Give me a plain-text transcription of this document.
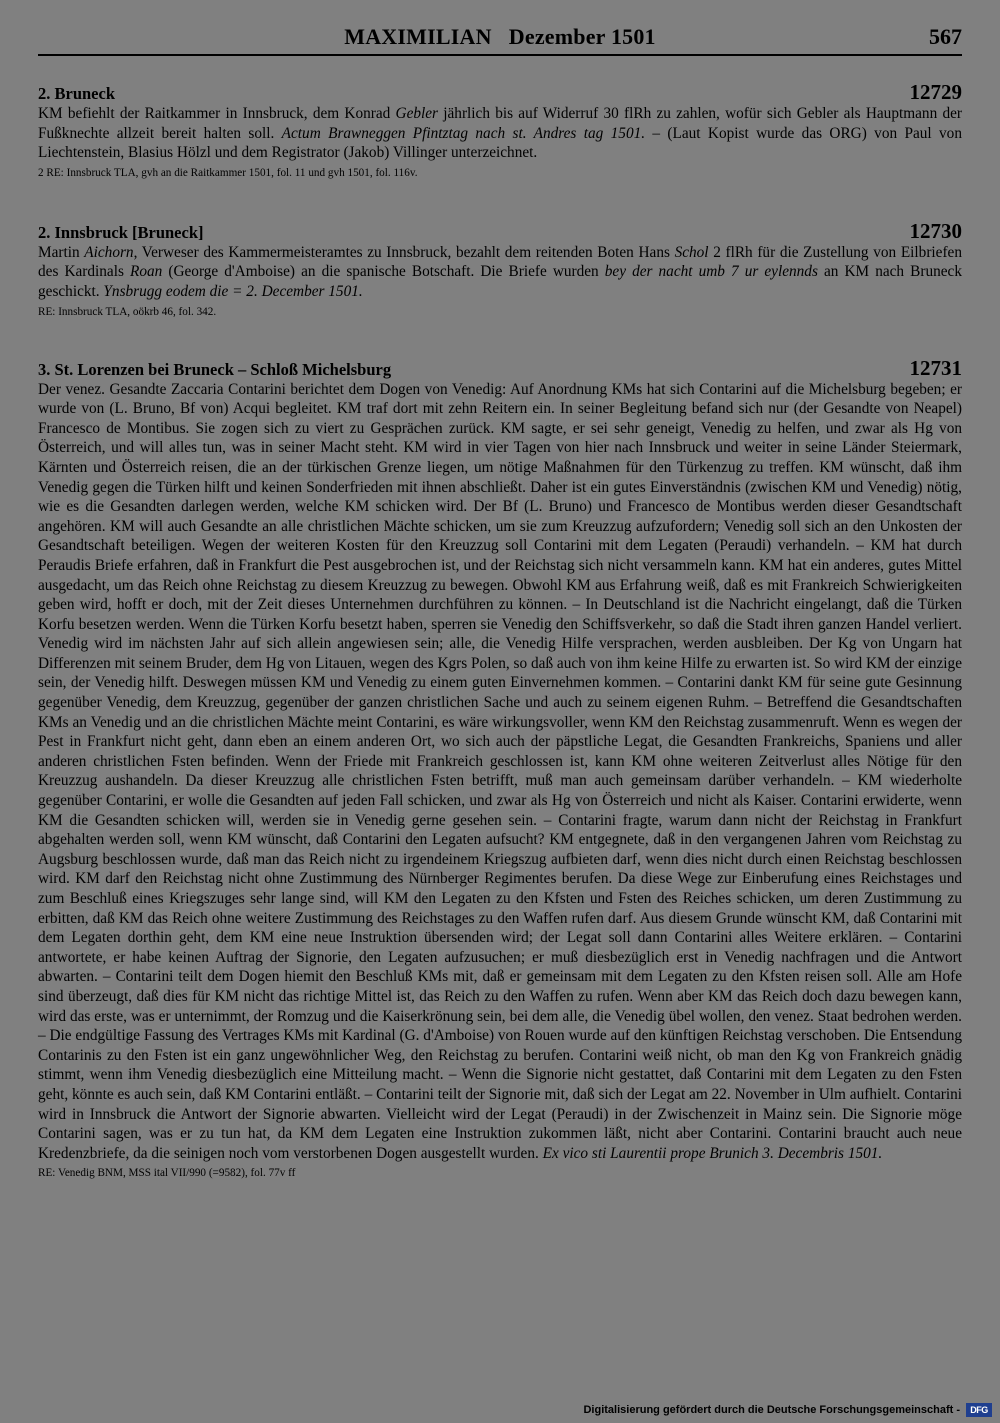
MAXIMILIAN   Dezember 1501	567
2. Bruneck	12729
KM befiehlt der Raitkammer in Innsbruck, dem Konrad Gebler jährlich bis auf Widerruf 30 flRh zu zahlen, wofür sich Gebler als Hauptmann der Fußknechte allzeit bereit halten soll. Actum Brawneggen Pfintztag nach st. Andres tag 1501. – (Laut Kopist wurde das ORG) von Paul von Liechtenstein, Blasius Hölzl und dem Registrator (Jakob) Villinger unterzeichnet.
2 RE: Innsbruck TLA, gvh an die Raitkammer 1501, fol. 11 und gvh 1501, fol. 116v.
2. Innsbruck [Bruneck]	12730
Martin Aichorn, Verweser des Kammermeisteramtes zu Innsbruck, bezahlt dem reitenden Boten Hans Schol 2 flRh für die Zustellung von Eilbriefen des Kardinals Roan (George d'Amboise) an die spanische Botschaft. Die Briefe wurden bey der nacht umb 7 ur eylennds an KM nach Bruneck geschickt. Ynsbrugg eodem die = 2. December 1501.
RE: Innsbruck TLA, oökrb 46, fol. 342.
3. St. Lorenzen bei Bruneck – Schloß Michelsburg	12731
Der venez. Gesandte Zaccaria Contarini berichtet dem Dogen von Venedig: Auf Anordnung KMs hat sich Contarini auf die Michelsburg begeben; er wurde von (L. Bruno, Bf von) Acqui begleitet. KM traf dort mit zehn Reitern ein. In seiner Begleitung befand sich nur (der Gesandte von Neapel) Francesco de Montibus. Sie zogen sich zu viert zu Gesprächen zurück. KM sagte, er sei sehr geneigt, Venedig zu helfen, und zwar als Hg von Österreich, und will alles tun, was in seiner Macht steht. KM wird in vier Tagen von hier nach Innsbruck und weiter in seine Länder Steiermark, Kärnten und Österreich reisen, die an der türkischen Grenze liegen, um nötige Maßnahmen für den Türkenzug zu treffen. KM wünscht, daß ihm Venedig gegen die Türken hilft und keinen Sonderfrieden mit ihnen abschließt. Daher ist ein gutes Einverständnis (zwischen KM und Venedig) nötig, wie es die Gesandten darlegen werden, welche KM schicken wird. Der Bf (L. Bruno) und Francesco de Montibus werden dieser Gesandtschaft angehören. KM will auch Gesandte an alle christlichen Mächte schicken, um sie zum Kreuzzug aufzufordern; Venedig soll sich an den Unkosten der Gesandtschaft beteiligen. Wegen der weiteren Kosten für den Kreuzzug soll Contarini mit dem Legaten (Peraudi) verhandeln. – KM hat durch Peraudis Briefe erfahren, daß in Frankfurt die Pest ausgebrochen ist, und der Reichstag sich nicht versammeln kann. KM hat ein anderes, gutes Mittel ausgedacht, um das Reich ohne Reichstag zu diesem Kreuzzug zu bewegen. Obwohl KM aus Erfahrung weiß, daß es mit Frankreich Schwierigkeiten geben wird, hofft er doch, mit der Zeit dieses Unternehmen durchführen zu können. – In Deutschland ist die Nachricht eingelangt, daß die Türken Korfu besetzen werden. Wenn die Türken Korfu besetzt haben, sperren sie Venedig den Schiffsverkehr, so daß die Stadt ihren ganzen Handel verliert. Venedig wird im nächsten Jahr auf sich allein angewiesen sein; alle, die Venedig Hilfe versprachen, werden ausbleiben. Der Kg von Ungarn hat Differenzen mit seinem Bruder, dem Hg von Litauen, wegen des Kgrs Polen, so daß auch von ihm keine Hilfe zu erwarten ist. So wird KM der einzige sein, der Venedig hilft. Deswegen müssen KM und Venedig zu einem guten Einvernehmen kommen. – Contarini dankt KM für seine gute Gesinnung gegenüber Venedig, dem Kreuzzug, gegenüber der ganzen christlichen Sache und auch zu seinem eigenen Ruhm. – Betreffend die Gesandtschaften KMs an Venedig und an die christlichen Mächte meint Contarini, es wäre wirkungsvoller, wenn KM den Reichstag zusammenruft. Wenn es wegen der Pest in Frankfurt nicht geht, dann eben an einem anderen Ort, wo sich auch der päpstliche Legat, die Gesandten Frankreichs, Spaniens und aller anderen christlichen Fsten befinden. Wenn der Friede mit Frankreich geschlossen ist, kann KM ohne weiteren Zeitverlust alles Nötige für den Kreuzzug aushandeln. Da dieser Kreuzzug alle christlichen Fsten betrifft, muß man auch gemeinsam darüber verhandeln. – KM wiederholte gegenüber Contarini, er wolle die Gesandten auf jeden Fall schicken, und zwar als Hg von Österreich und nicht als Kaiser. Contarini erwiderte, wenn KM die Gesandten schicken will, werden sie in Venedig gerne gesehen sein. – Contarini fragte, warum dann nicht der Reichstag in Frankfurt abgehalten werden soll, wenn KM wünscht, daß Contarini den Legaten aufsucht? KM entgegnete, daß in den vergangenen Jahren vom Reichstag zu Augsburg beschlossen wurde, daß man das Reich nicht zu irgendeinem Kriegszug aufbieten darf, wenn dies nicht durch einen Reichstag beschlossen wird. KM darf den Reichstag nicht ohne Zustimmung des Nürnberger Regimentes berufen. Da diese Wege zur Einberufung eines Reichstages und zum Beschluß eines Kriegszuges sehr lange sind, will KM den Legaten zu den Kfsten und Fsten des Reiches schicken, um deren Zustimmung zu erbitten, daß KM das Reich ohne weitere Zustimmung des Reichstages zu den Waffen rufen darf. Aus diesem Grunde wünscht KM, daß Contarini mit dem Legaten dorthin geht, dem KM eine neue Instruktion übersenden wird; der Legat soll dann Contarini alles Weitere erklären. – Contarini antwortete, er habe keinen Auftrag der Signorie, den Legaten aufzusuchen; er muß diesbezüglich erst in Venedig nachfragen und die Antwort abwarten. – Contarini teilt dem Dogen hiemit den Beschluß KMs mit, daß er gemeinsam mit dem Legaten zu den Kfsten reisen soll. Alle am Hofe sind überzeugt, daß dies für KM nicht das richtige Mittel ist, das Reich zu den Waffen zu rufen. Wenn aber KM das Reich doch dazu bewegen kann, wird das erste, was er unternimmt, der Romzug und die Kaiserkrönung sein, bei dem alle, die Venedig übel wollen, den venez. Staat bedrohen werden. – Die endgültige Fassung des Vertrages KMs mit Kardinal (G. d'Amboise) von Rouen wurde auf den künftigen Reichstag verschoben. Die Entsendung Contarinis zu den Fsten ist ein ganz ungewöhnlicher Weg, den Reichstag zu berufen. Contarini weiß nicht, ob man den Kg von Frankreich gnädig stimmt, wenn ihm Venedig diesbezüglich eine Mitteilung macht. – Wenn die Signorie nicht gestattet, daß Contarini mit dem Legaten zu den Fsten geht, könnte es auch sein, daß KM Contarini entläßt. – Contarini teilt der Signorie mit, daß sich der Legat am 22. November in Ulm aufhielt. Contarini wird in Innsbruck die Antwort der Signorie abwarten. Vielleicht wird der Legat (Peraudi) in der Zwischenzeit in Mainz sein. Die Signorie möge Contarini sagen, was er zu tun hat, da KM dem Legaten eine Instruktion zukommen läßt, nicht aber Contarini. Contarini braucht auch neue Kredenzbriefe, da die seinigen noch vom verstorbenen Dogen ausgestellt wurden. Ex vico sti Laurentii prope Brunich 3. Decembris 1501.
RE: Venedig BNM, MSS ital VII/990 (=9582), fol. 77v ff
Digitalisierung gefördert durch die Deutsche Forschungsgemeinschaft -	DFG
